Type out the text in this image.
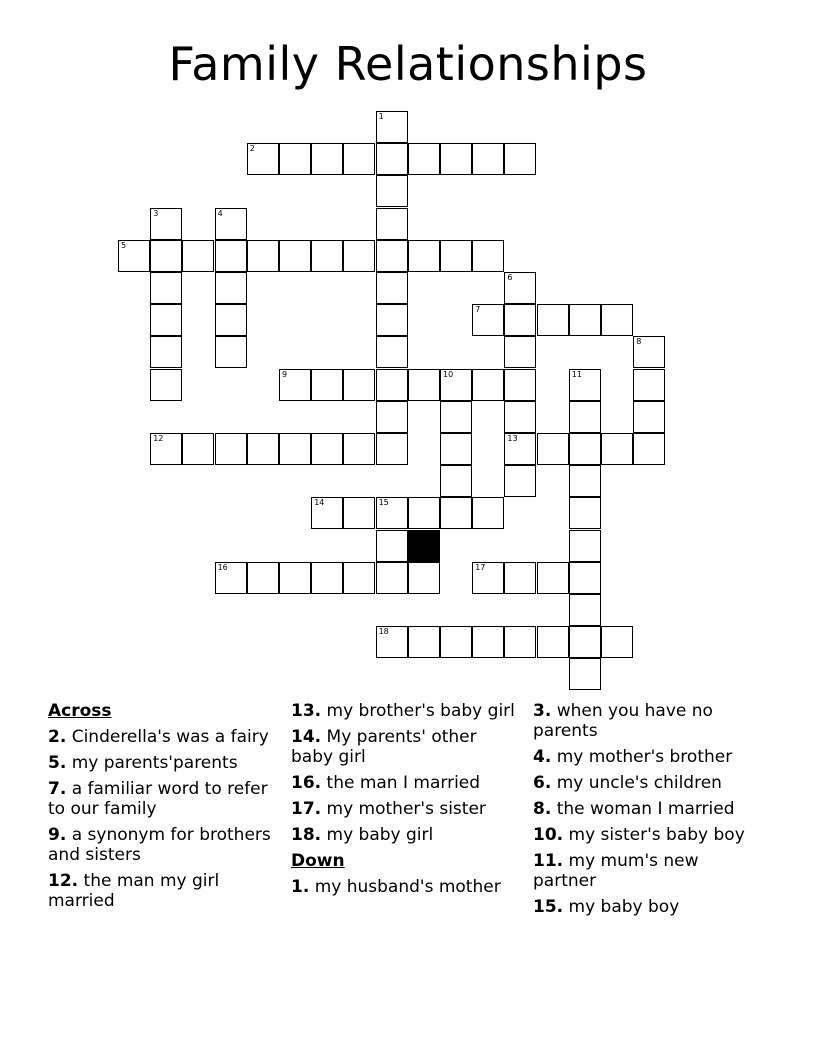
Family Relationships
1
2
3	4
5
6
13
7
8
9	10	11
12
14	15
16	17
18
Across
2. Cinderella's was a fairy
5. my parents'parents
7. a familiar word to refer to our family
9. a synonym for brothers and sisters
12. the man my girl married
13. my brother's baby girl
14. My parents' other baby girl
16. the man I married
17. my mother's sister
18. my baby girl
Down
1. my husband's mother
3. when you have no parents
4. my mother's brother
6. my uncle's children
8. the woman I married
10. my sister's baby boy
11. my mum's new partner
15. my baby boy
